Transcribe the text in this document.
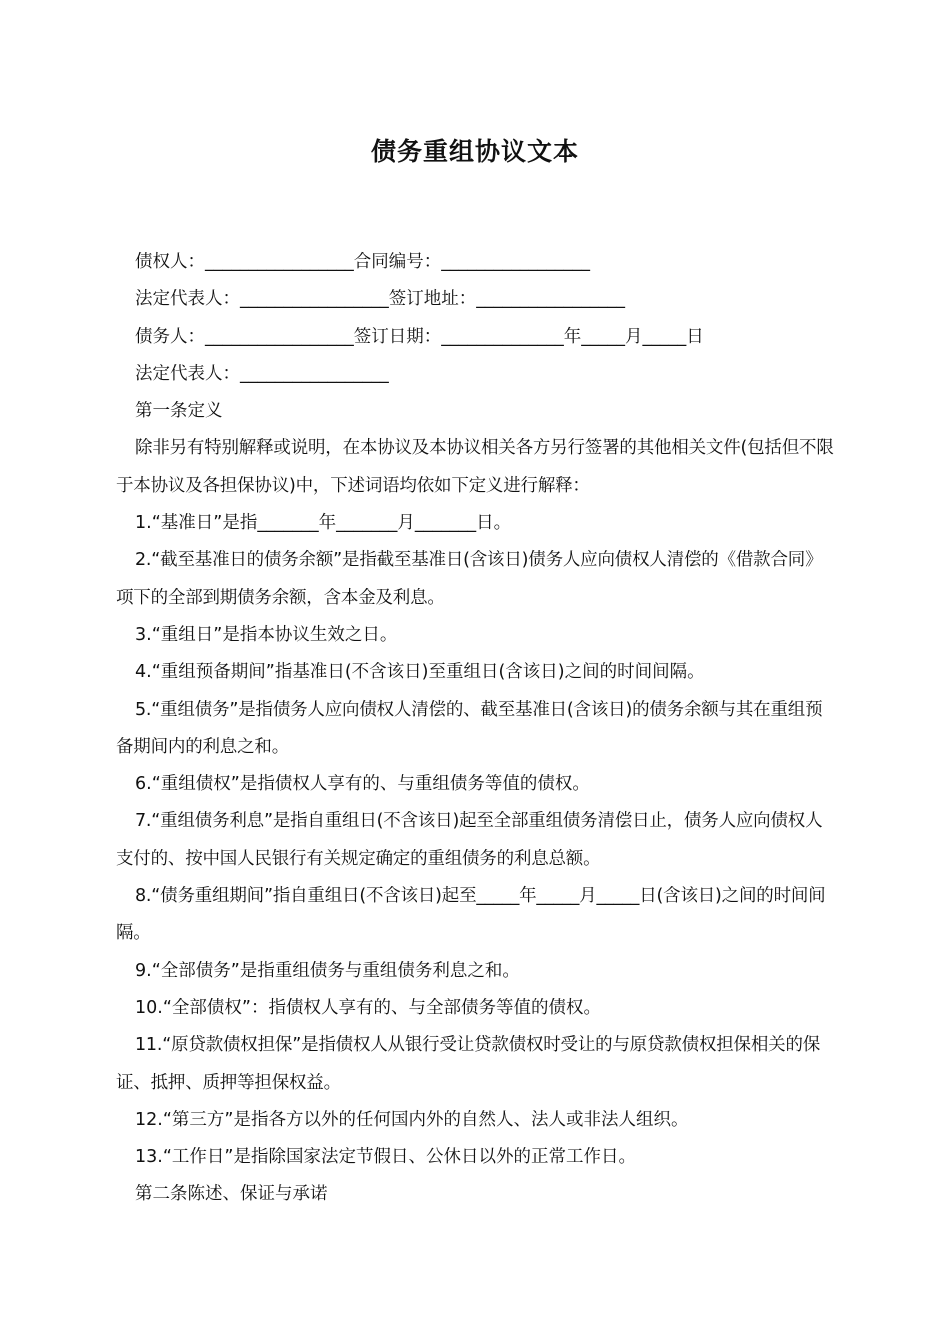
债务重组协议文本

债权人：_________________合同编号：_________________

法定代表人：_________________签订地址：_________________

债务人：_________________签订日期：______________年_____月_____日

法定代表人：_________________

第一条定义

除非另有特别解释或说明，在本协议及本协议相关各方另行签署的其他相关文件(包括但不限于本协议及各担保协议)中，下述词语均依如下定义进行解释：

1.“基准日”是指_______年_______月_______日。

2.“截至基准日的债务余额”是指截至基准日(含该日)债务人应向债权人清偿的《借款合同》项下的全部到期债务余额，含本金及利息。

3.“重组日”是指本协议生效之日。

4.“重组预备期间”指基准日(不含该日)至重组日(含该日)之间的时间间隔。

5.“重组债务”是指债务人应向债权人清偿的、截至基准日(含该日)的债务余额与其在重组预备期间内的利息之和。

6.“重组债权”是指债权人享有的、与重组债务等值的债权。

7.“重组债务利息”是指自重组日(不含该日)起至全部重组债务清偿日止，债务人应向债权人支付的、按中国人民银行有关规定确定的重组债务的利息总额。

8.“债务重组期间”指自重组日(不含该日)起至_____年_____月_____日(含该日)之间的时间间隔。

9.“全部债务”是指重组债务与重组债务利息之和。

10.“全部债权”：指债权人享有的、与全部债务等值的债权。

11.“原贷款债权担保”是指债权人从银行受让贷款债权时受让的与原贷款债权担保相关的保证、抵押、质押等担保权益。

12.“第三方”是指各方以外的任何国内外的自然人、法人或非法人组织。

13.“工作日”是指除国家法定节假日、公休日以外的正常工作日。

第二条陈述、保证与承诺
